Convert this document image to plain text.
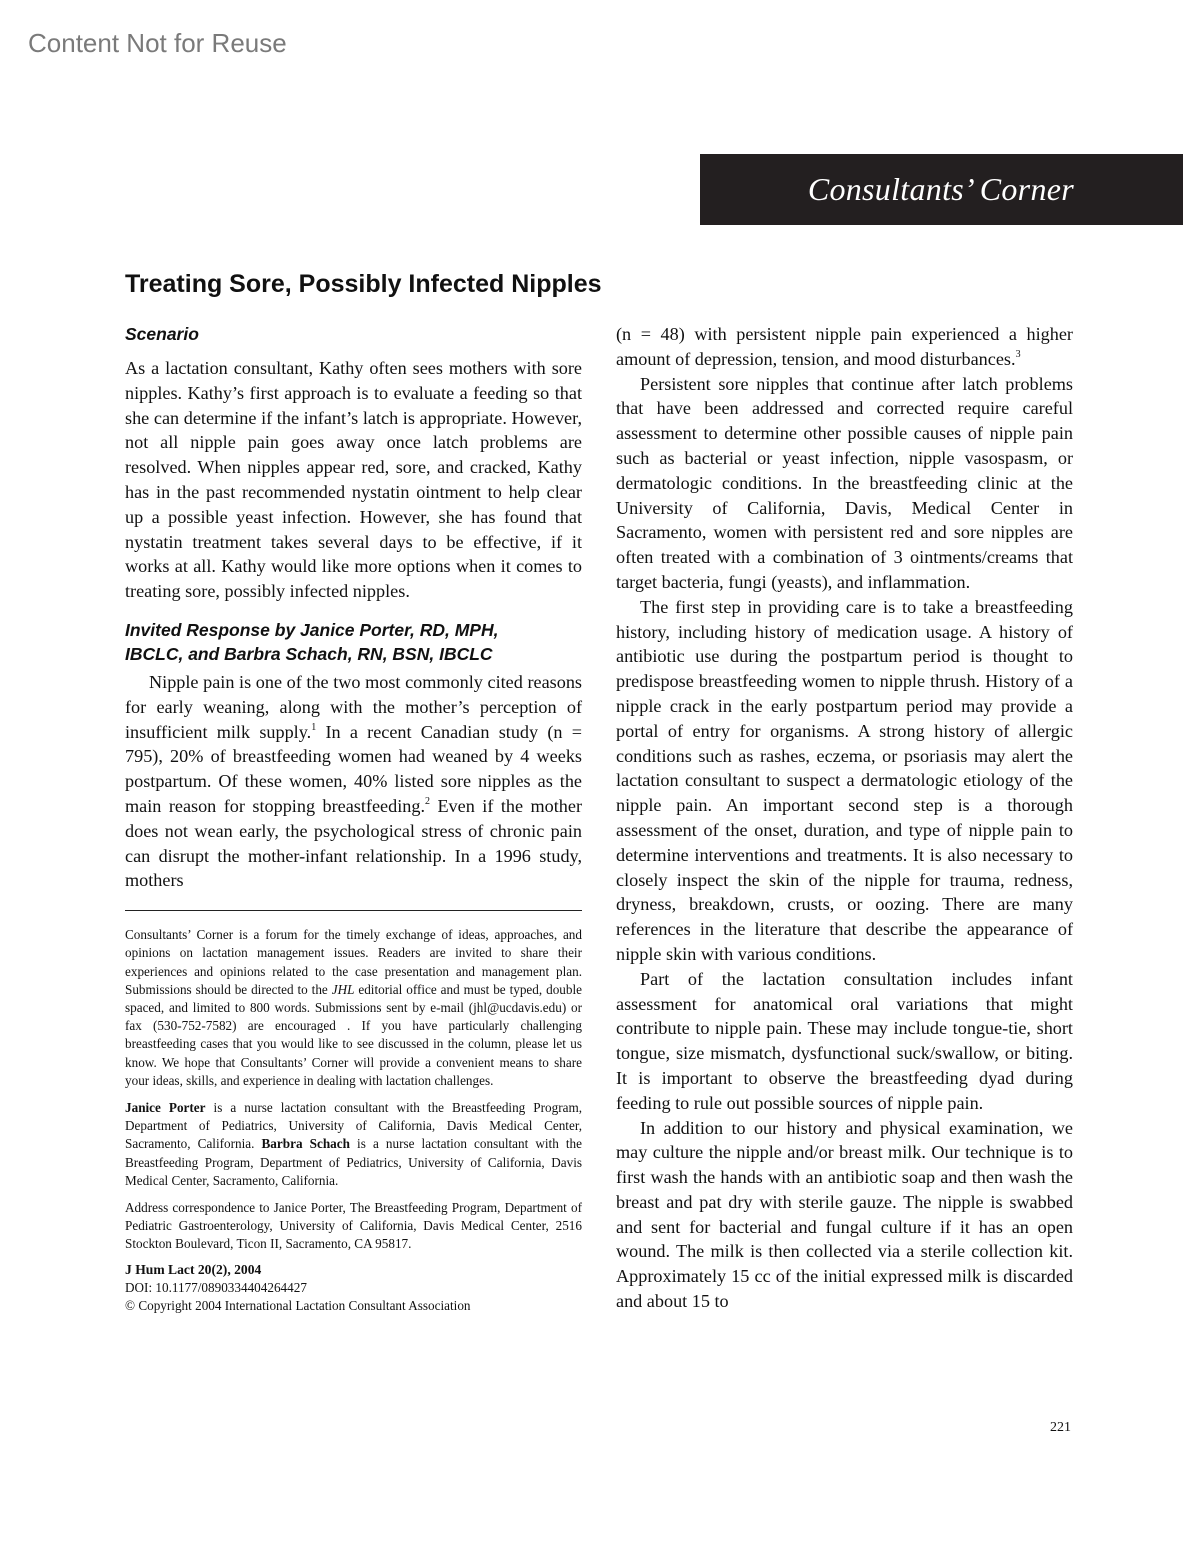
Content Not for Reuse
Consultants’ Corner
Treating Sore, Possibly Infected Nipples
Scenario

As a lactation consultant, Kathy often sees mothers with sore nipples. Kathy’s first approach is to evaluate a feeding so that she can determine if the infant’s latch is appropriate. However, not all nipple pain goes away once latch problems are resolved. When nipples appear red, sore, and cracked, Kathy has in the past recommended nystatin ointment to help clear up a possible yeast infection. However, she has found that nystatin treatment takes several days to be effective, if it works at all. Kathy would like more options when it comes to treating sore, possibly infected nipples.

Invited Response by Janice Porter, RD, MPH,
IBCLC, and Barbra Schach, RN, BSN, IBCLC

Nipple pain is one of the two most commonly cited reasons for early weaning, along with the mother’s perception of insufficient milk supply.$^1$ In a recent Canadian study (n = 795), 20% of breastfeeding women had weaned by 4 weeks postpartum. Of these women, 40% listed sore nipples as the main reason for stopping breastfeeding.$^2$ Even if the mother does not wean early, the psychological stress of chronic pain can disrupt the mother-infant relationship. In a 1996 study, mothers

Consultants’ Corner is a forum for the timely exchange of ideas, approaches, and opinions on lactation management issues. Readers are invited to share their experiences and opinions related to the case presentation and management plan. Submissions should be directed to the JHL editorial office and must be typed, double spaced, and limited to 800 words. Submissions sent by e-mail (jhl@ucdavis.edu) or fax (530-752-7582) are encouraged . If you have particularly challenging breastfeeding cases that you would like to see discussed in the column, please let us know. We hope that Consultants’ Corner will provide a convenient means to share your ideas, skills, and experience in dealing with lactation challenges.

Janice Porter is a nurse lactation consultant with the Breastfeeding Program, Department of Pediatrics, University of California, Davis Medical Center, Sacramento, California. Barbra Schach is a nurse lactation consultant with the Breastfeeding Program, Department of Pediatrics, University of California, Davis Medical Center, Sacramento, California.

Address correspondence to Janice Porter, The Breastfeeding Program, Department of Pediatric Gastroenterology, University of California, Davis Medical Center, 2516 Stockton Boulevard, Ticon II, Sacramento, CA 95817.

J Hum Lact 20(2), 2004

DOI: 10.1177/0890334404264427

© Copyright 2004 International Lactation Consultant Association

(n = 48) with persistent nipple pain experienced a higher amount of depression, tension, and mood disturbances.$^3$

Persistent sore nipples that continue after latch problems that have been addressed and corrected require careful assessment to determine other possible causes of nipple pain such as bacterial or yeast infection, nipple vasospasm, or dermatologic conditions. In the breastfeeding clinic at the University of California, Davis, Medical Center in Sacramento, women with persistent red and sore nipples are often treated with a combination of 3 ointments/creams that target bacteria, fungi (yeasts), and inflammation.

The first step in providing care is to take a breastfeeding history, including history of medication usage. A history of antibiotic use during the postpartum period is thought to predispose breastfeeding women to nipple thrush. History of a nipple crack in the early postpartum period may provide a portal of entry for organisms. A strong history of allergic conditions such as rashes, eczema, or psoriasis may alert the lactation consultant to suspect a dermatologic etiology of the nipple pain. An important second step is a thorough assessment of the onset, duration, and type of nipple pain to determine interventions and treatments. It is also necessary to closely inspect the skin of the nipple for trauma, redness, dryness, breakdown, crusts, or oozing. There are many references in the literature that describe the appearance of nipple skin with various conditions.

Part of the lactation consultation includes infant assessment for anatomical oral variations that might contribute to nipple pain. These may include tongue-tie, short tongue, size mismatch, dysfunctional suck/swallow, or biting. It is important to observe the breastfeeding dyad during feeding to rule out possible sources of nipple pain.

In addition to our history and physical examination, we may culture the nipple and/or breast milk. Our technique is to first wash the hands with an antibiotic soap and then wash the breast and pat dry with sterile gauze. The nipple is swabbed and sent for bacterial and fungal culture if it has an open wound. The milk is then collected via a sterile collection kit. Approximately 15 cc of the initial expressed milk is discarded and about 15 to

221
